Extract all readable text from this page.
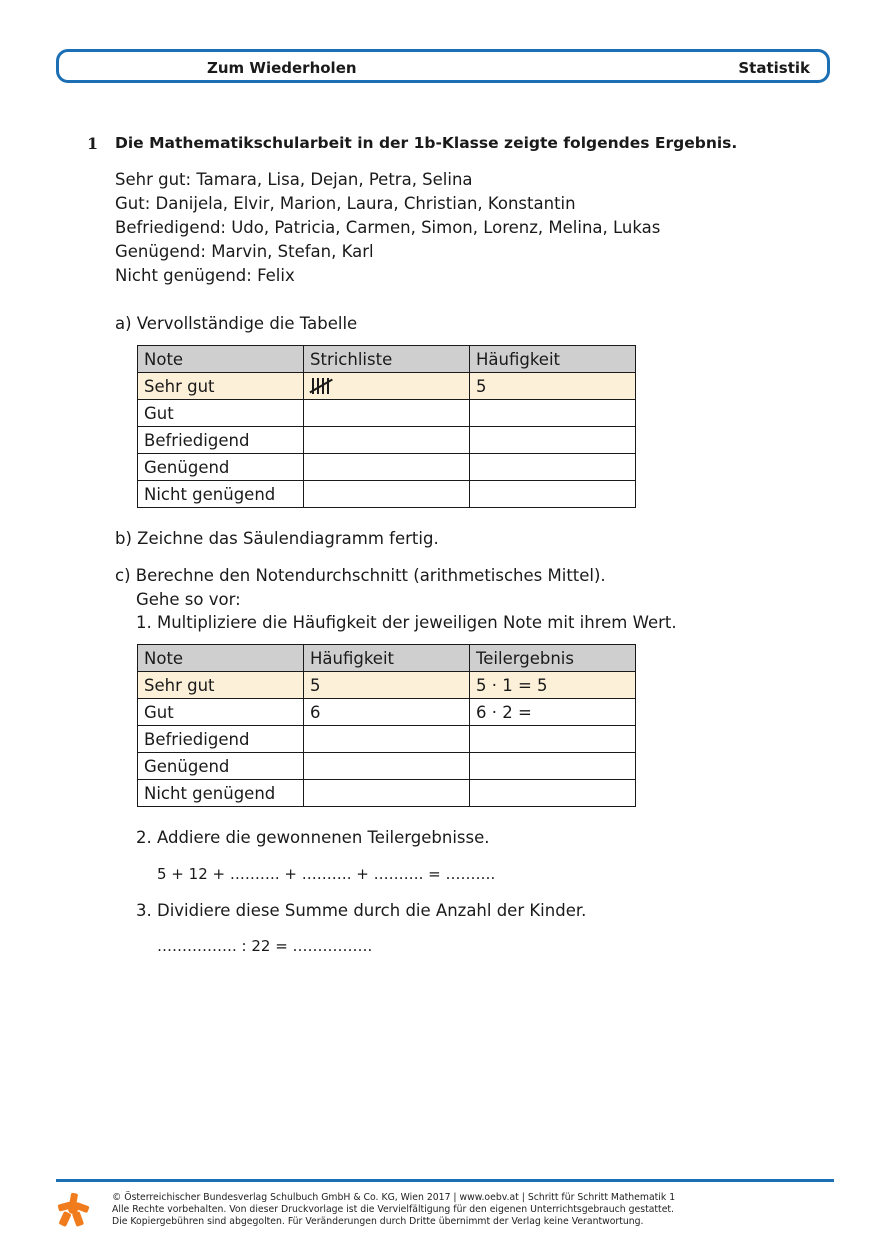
Zum Wiederholen	Statistik
1 Die Mathematikschularbeit in der 1b-Klasse zeigte folgendes Ergebnis.
Sehr gut: Tamara, Lisa, Dejan, Petra, Selina
Gut: Danijela, Elvir, Marion, Laura, Christian, Konstantin
Befriedigend: Udo, Patricia, Carmen, Simon, Lorenz, Melina, Lukas
Genügend: Marvin, Stefan, Karl
Nicht genügend: Felix
a) Vervollständige die Tabelle
Note	Strichliste	Häufigkeit
Sehr gut		5
Gut		
Befriedigend		
Genügend		
Nicht genügend		
b) Zeichne das Säulendiagramm fertig.
c) Berechne den Notendurchschnitt (arithmetisches Mittel).
Gehe so vor:
1. Multipliziere die Häufigkeit der jeweiligen Note mit ihrem Wert.
Note	Häufigkeit	Teilergebnis
Sehr gut	5	5 · 1 = 5
Gut	6	6 · 2 =
Befriedigend		
Genügend		
Nicht genügend		
2. Addiere die gewonnenen Teilergebnisse.
5 + 12 + ………. + ………. + ………. = ……….
3. Dividiere diese Summe durch die Anzahl der Kinder.
……………. : 22 = …………….
© Österreichischer Bundesverlag Schulbuch GmbH & Co. KG, Wien 2017 | www.oebv.at | Schritt für Schritt Mathematik 1
Alle Rechte vorbehalten. Von dieser Druckvorlage ist die Vervielfältigung für den eigenen Unterrichtsgebrauch gestattet.
Die Kopiergebühren sind abgegolten. Für Veränderungen durch Dritte übernimmt der Verlag keine Verantwortung.
